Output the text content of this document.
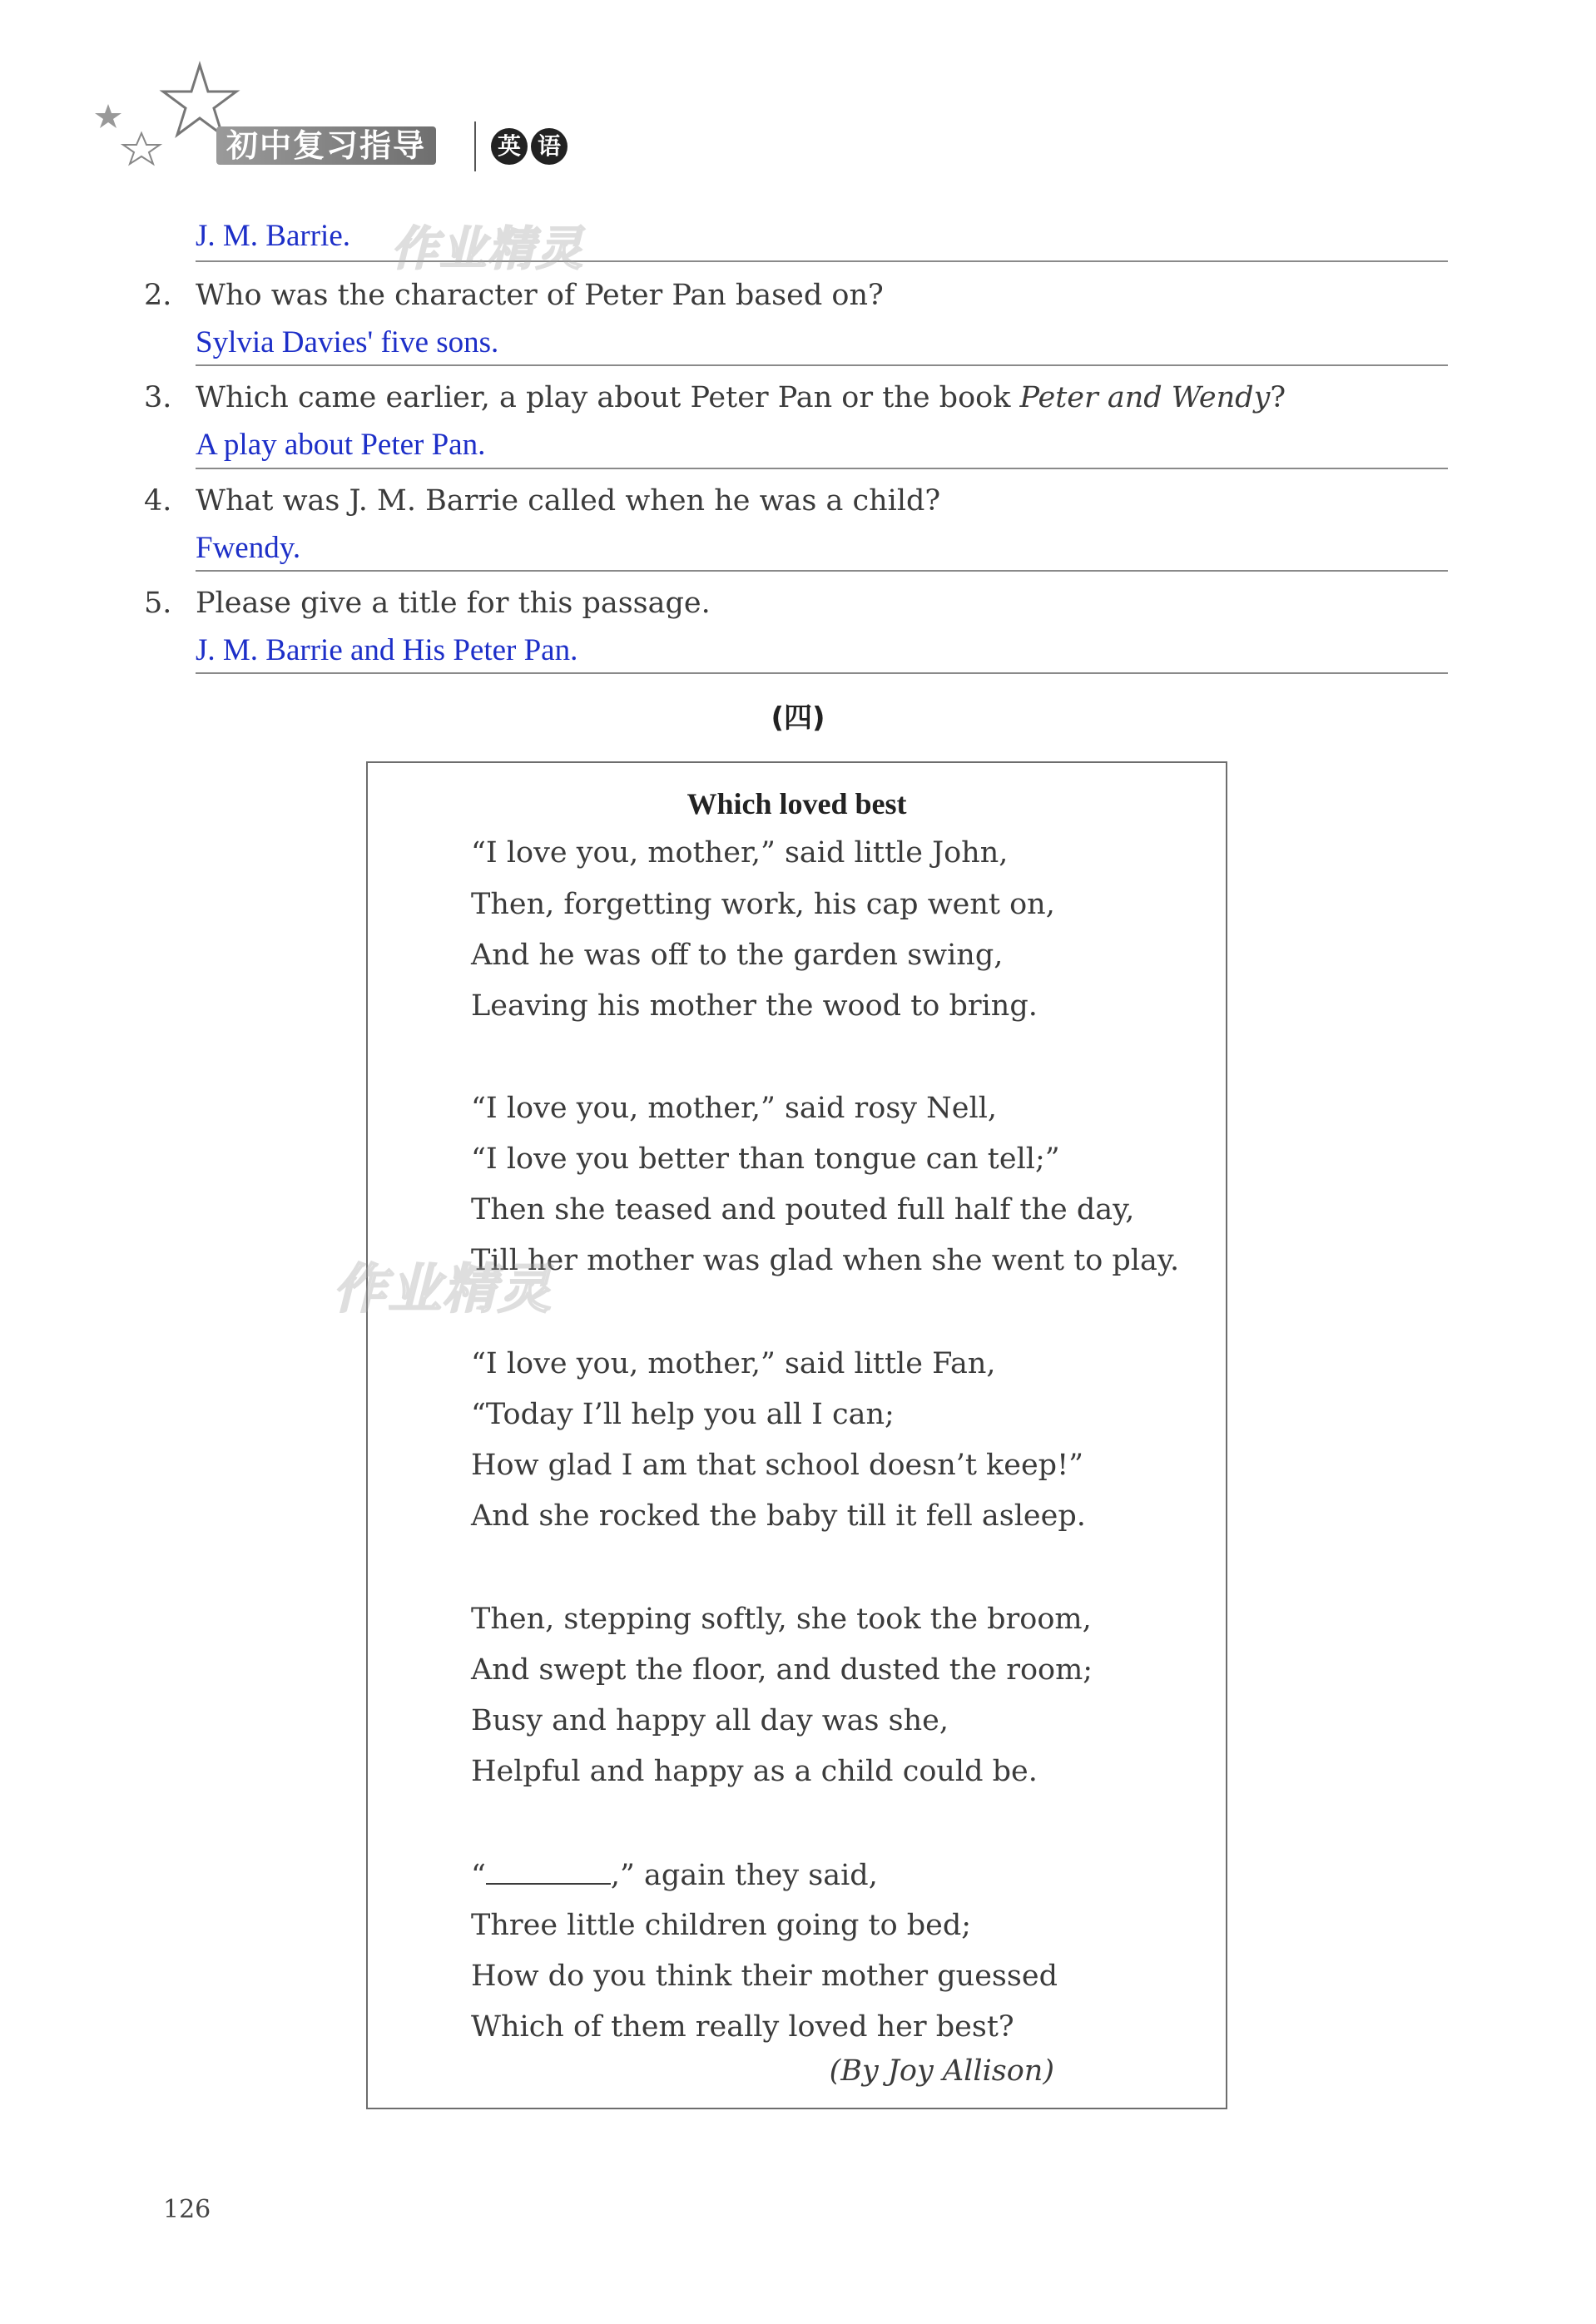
初中复习指导	英 语
J. M. Barrie.
2. Who was the character of Peter Pan based on?
Sylvia Davies' five sons.
3. Which came earlier, a play about Peter Pan or the book Peter and Wendy?
A play about Peter Pan.
4. What was J. M. Barrie called when he was a child?
Fwendy.
5. Please give a title for this passage.
J. M. Barrie and His Peter Pan.
(四)
Which loved best
“I love you, mother,” said little John,
Then, forgetting work, his cap went on,
And he was off to the garden swing,
Leaving his mother the wood to bring.
“I love you, mother,” said rosy Nell,
“I love you better than tongue can tell;”
Then she teased and pouted full half the day,
Till her mother was glad when she went to play.
“I love you, mother,” said little Fan,
“Today I’ll help you all I can;
How glad I am that school doesn’t keep!”
And she rocked the baby till it fell asleep.
Then, stepping softly, she took the broom,
And swept the floor, and dusted the room;
Busy and happy all day was she,
Helpful and happy as a child could be.
“	,” again they said,
Three little children going to bed;
How do you think their mother guessed
Which of them really loved her best?
(By Joy Allison)
作业精灵
作业精灵
126
